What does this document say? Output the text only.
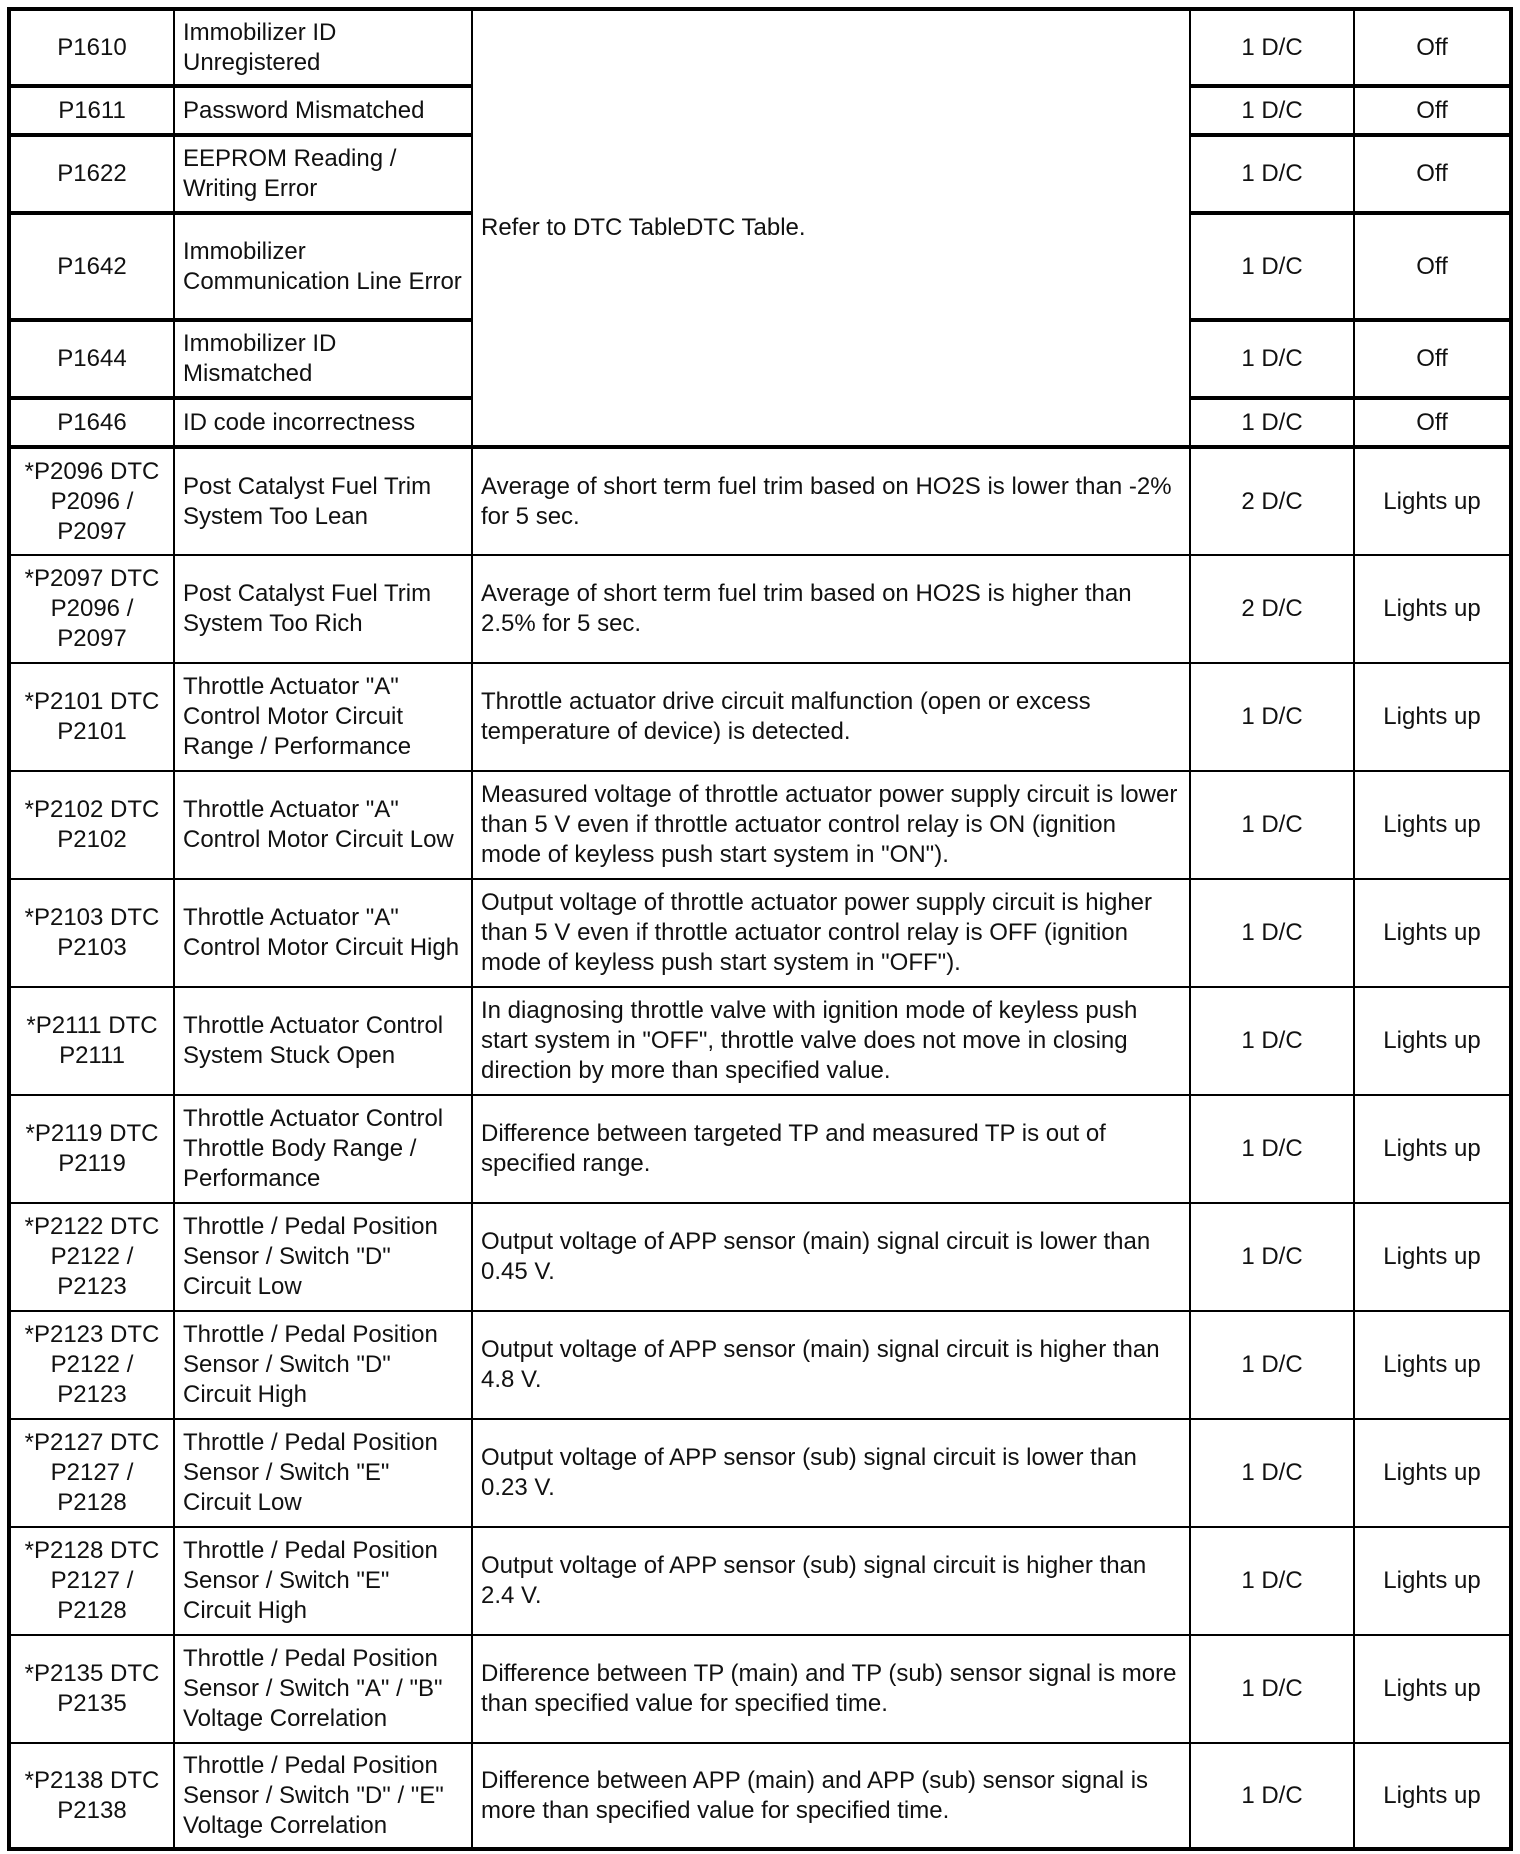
P1610	Immobilizer ID Unregistered	Refer to DTC TableDTC Table.	1 D/C	Off
P1611	Password Mismatched		1 D/C	Off
P1622	EEPROM Reading / Writing Error		1 D/C	Off
P1642	Immobilizer Communication Line Error		1 D/C	Off
P1644	Immobilizer ID Mismatched		1 D/C	Off
P1646	ID code incorrectness		1 D/C	Off
*P2096 DTC P2096 / P2097	Post Catalyst Fuel Trim System Too Lean	Average of short term fuel trim based on HO2S is lower than -2% for 5 sec.	2 D/C	Lights up
*P2097 DTC P2096 / P2097	Post Catalyst Fuel Trim System Too Rich	Average of short term fuel trim based on HO2S is higher than 2.5% for 5 sec.	2 D/C	Lights up
*P2101 DTC P2101	Throttle Actuator "A" Control Motor Circuit Range / Performance	Throttle actuator drive circuit malfunction (open or excess temperature of device) is detected.	1 D/C	Lights up
*P2102 DTC P2102	Throttle Actuator "A" Control Motor Circuit Low	Measured voltage of throttle actuator power supply circuit is lower than 5 V even if throttle actuator control relay is ON (ignition mode of keyless push start system in "ON").	1 D/C	Lights up
*P2103 DTC P2103	Throttle Actuator "A" Control Motor Circuit High	Output voltage of throttle actuator power supply circuit is higher than 5 V even if throttle actuator control relay is OFF (ignition mode of keyless push start system in "OFF").	1 D/C	Lights up
*P2111 DTC P2111	Throttle Actuator Control System Stuck Open	In diagnosing throttle valve with ignition mode of keyless push start system in "OFF", throttle valve does not move in closing direction by more than specified value.	1 D/C	Lights up
*P2119 DTC P2119	Throttle Actuator Control Throttle Body Range / Performance	Difference between targeted TP and measured TP is out of specified range.	1 D/C	Lights up
*P2122 DTC P2122 / P2123	Throttle / Pedal Position Sensor / Switch "D" Circuit Low	Output voltage of APP sensor (main) signal circuit is lower than 0.45 V.	1 D/C	Lights up
*P2123 DTC P2122 / P2123	Throttle / Pedal Position Sensor / Switch "D" Circuit High	Output voltage of APP sensor (main) signal circuit is higher than 4.8 V.	1 D/C	Lights up
*P2127 DTC P2127 / P2128	Throttle / Pedal Position Sensor / Switch "E" Circuit Low	Output voltage of APP sensor (sub) signal circuit is lower than 0.23 V.	1 D/C	Lights up
*P2128 DTC P2127 / P2128	Throttle / Pedal Position Sensor / Switch "E" Circuit High	Output voltage of APP sensor (sub) signal circuit is higher than 2.4 V.	1 D/C	Lights up
*P2135 DTC P2135	Throttle / Pedal Position Sensor / Switch "A" / "B" Voltage Correlation	Difference between TP (main) and TP (sub) sensor signal is more than specified value for specified time.	1 D/C	Lights up
*P2138 DTC P2138	Throttle / Pedal Position Sensor / Switch "D" / "E" Voltage Correlation	Difference between APP (main) and APP (sub) sensor signal is more than specified value for specified time.	1 D/C	Lights up
